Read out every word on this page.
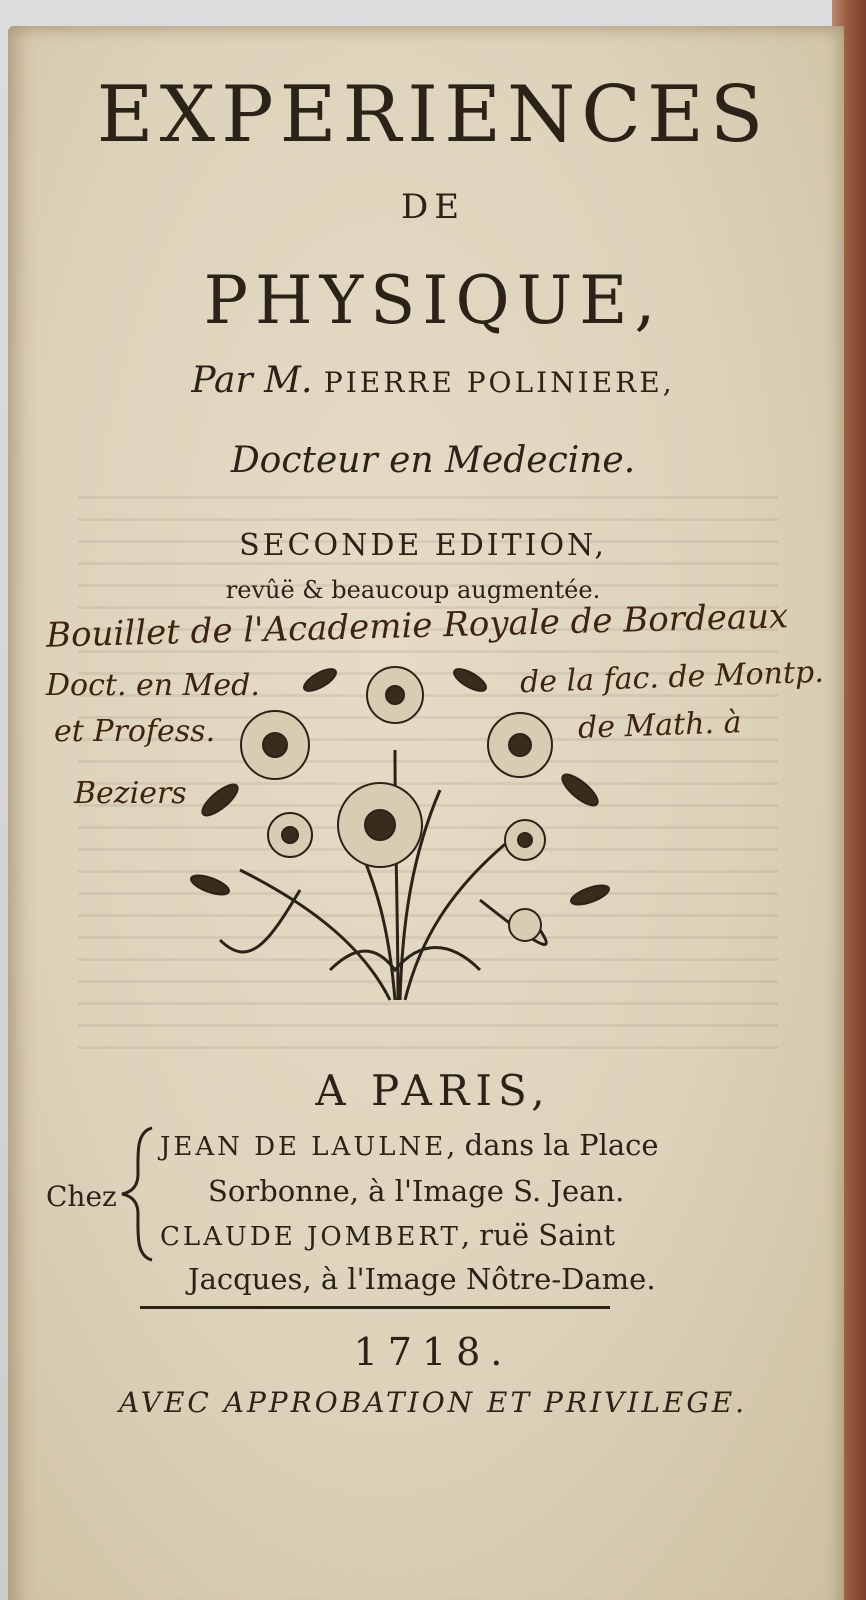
EXPERIENCES
DE
PHYSIQUE,
Par M. PIERRE POLINIERE,
Docteur en Medecine.
SECONDE EDITION,
revûë & beaucoup augmentée.
Bouillet de l'Academie Royale de Bordeaux
Doct. en Med.	de la fac. de Montp.
et Profess.	de Math. à
Beziers
A PARIS,
Chez
JEAN DE LAULNE, dans la Place
Sorbonne, à l'Image S. Jean.
CLAUDE JOMBERT, ruë Saint
Jacques, à l'Image Nôtre-Dame.
1718.
AVEC APPROBATION ET PRIVILEGE.
